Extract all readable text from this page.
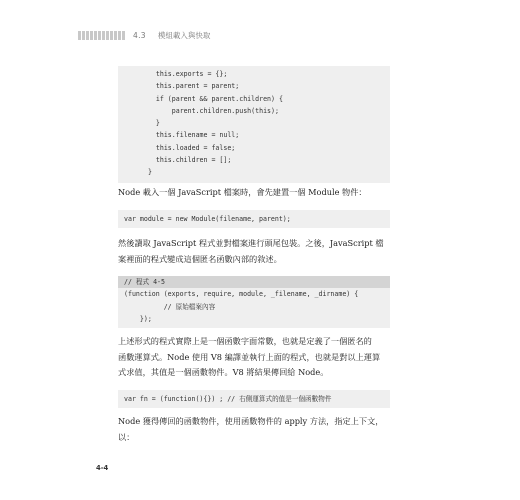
4.3 模組載入與快取
this.exports = {};
this.parent = parent;
if (parent && parent.children) {
parent.children.push(this);
}
this.filename = null;
this.loaded = false;
this.children = [];
}
Node 載入一個 JavaScript 檔案時，會先建置一個 Module 物件：
var module = new Module(filename, parent);
然後讀取 JavaScript 程式並對檔案進行頭尾包裝。之後，JavaScript 檔
案裡面的程式變成這個匿名函數內部的敘述。
// 程式 4-5
(function (exports, require, module, _filename, _dirname) {
// 原始檔案內容
});
上述形式的程式實際上是一個函數字面常數，也就是定義了一個匿名的
函數運算式。Node 使用 V8 編譯並執行上面的程式，也就是對以上運算
式求值，其值是一個函數物件。V8 將結果傳回給 Node。
var fn = (function(){}) ; // 右側運算式的值是一個函數物件
Node 獲得傳回的函數物件，使用函數物件的 apply 方法，指定上下文，
以：
4-4
